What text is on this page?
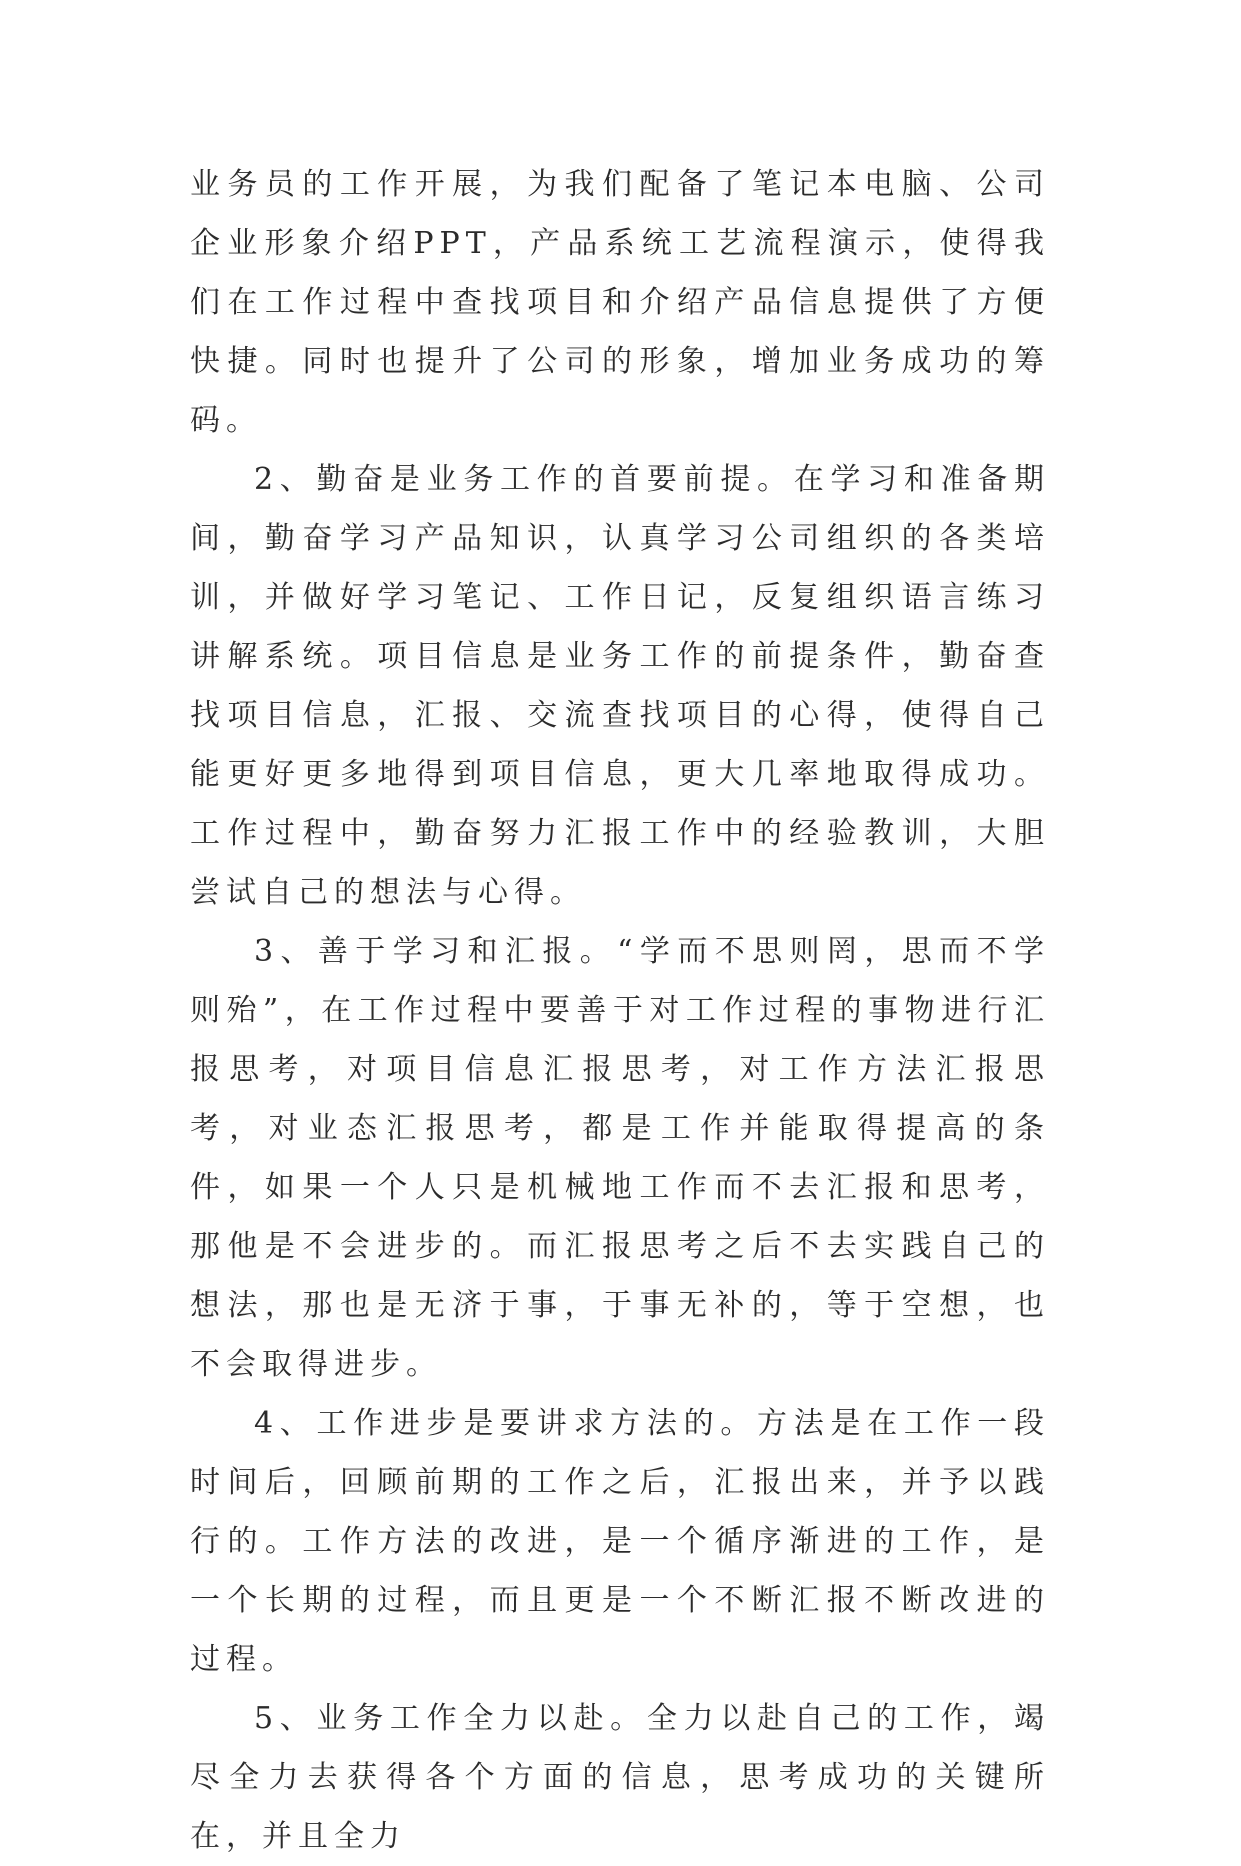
业务员的工作开展，为我们配备了笔记本电脑、公司企业形象介绍PPT，产品系统工艺流程演示，使得我们在工作过程中查找项目和介绍产品信息提供了方便快捷。同时也提升了公司的形象，增加业务成功的筹码。

2、勤奋是业务工作的首要前提。在学习和准备期间，勤奋学习产品知识，认真学习公司组织的各类培训，并做好学习笔记、工作日记，反复组织语言练习讲解系统。项目信息是业务工作的前提条件，勤奋查找项目信息，汇报、交流查找项目的心得，使得自己能更好更多地得到项目信息，更大几率地取得成功。工作过程中，勤奋努力汇报工作中的经验教训，大胆尝试自己的想法与心得。

3、善于学习和汇报。“学而不思则罔，思而不学则殆”，在工作过程中要善于对工作过程的事物进行汇报思考，对项目信息汇报思考，对工作方法汇报思考，对业态汇报思考，都是工作并能取得提高的条件，如果一个人只是机械地工作而不去汇报和思考，那他是不会进步的。而汇报思考之后不去实践自己的想法，那也是无济于事，于事无补的，等于空想，也不会取得进步。

4、工作进步是要讲求方法的。方法是在工作一段时间后，回顾前期的工作之后，汇报出来，并予以践行的。工作方法的改进，是一个循序渐进的工作，是一个长期的过程，而且更是一个不断汇报不断改进的过程。

5、业务工作全力以赴。全力以赴自己的工作，竭尽全力去获得各个方面的信息，思考成功的关键所在，并且全力
